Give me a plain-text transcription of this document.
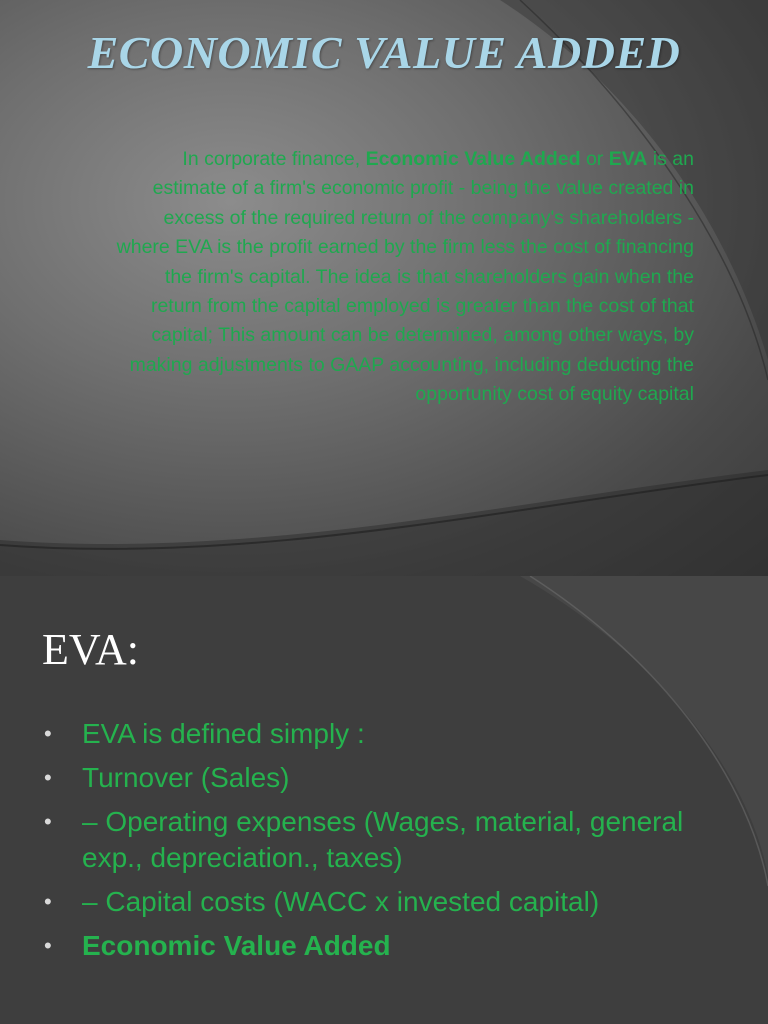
ECONOMIC VALUE ADDED
In corporate finance, Economic Value Added or EVA is an estimate of a firm's economic profit - being the value created in excess of the required return of the company's shareholders - where EVA is the profit earned by the firm less the cost of financing the firm's capital. The idea is that shareholders gain when the return from the capital employed is greater than the cost of that capital; This amount can be determined, among other ways, by making adjustments to GAAP accounting, including deducting the opportunity cost of equity capital
EVA:
• EVA is defined simply :
• Turnover (Sales)
• – Operating expenses (Wages, material, general exp., depreciation., taxes)
• – Capital costs (WACC x invested capital)
• Economic Value Added
